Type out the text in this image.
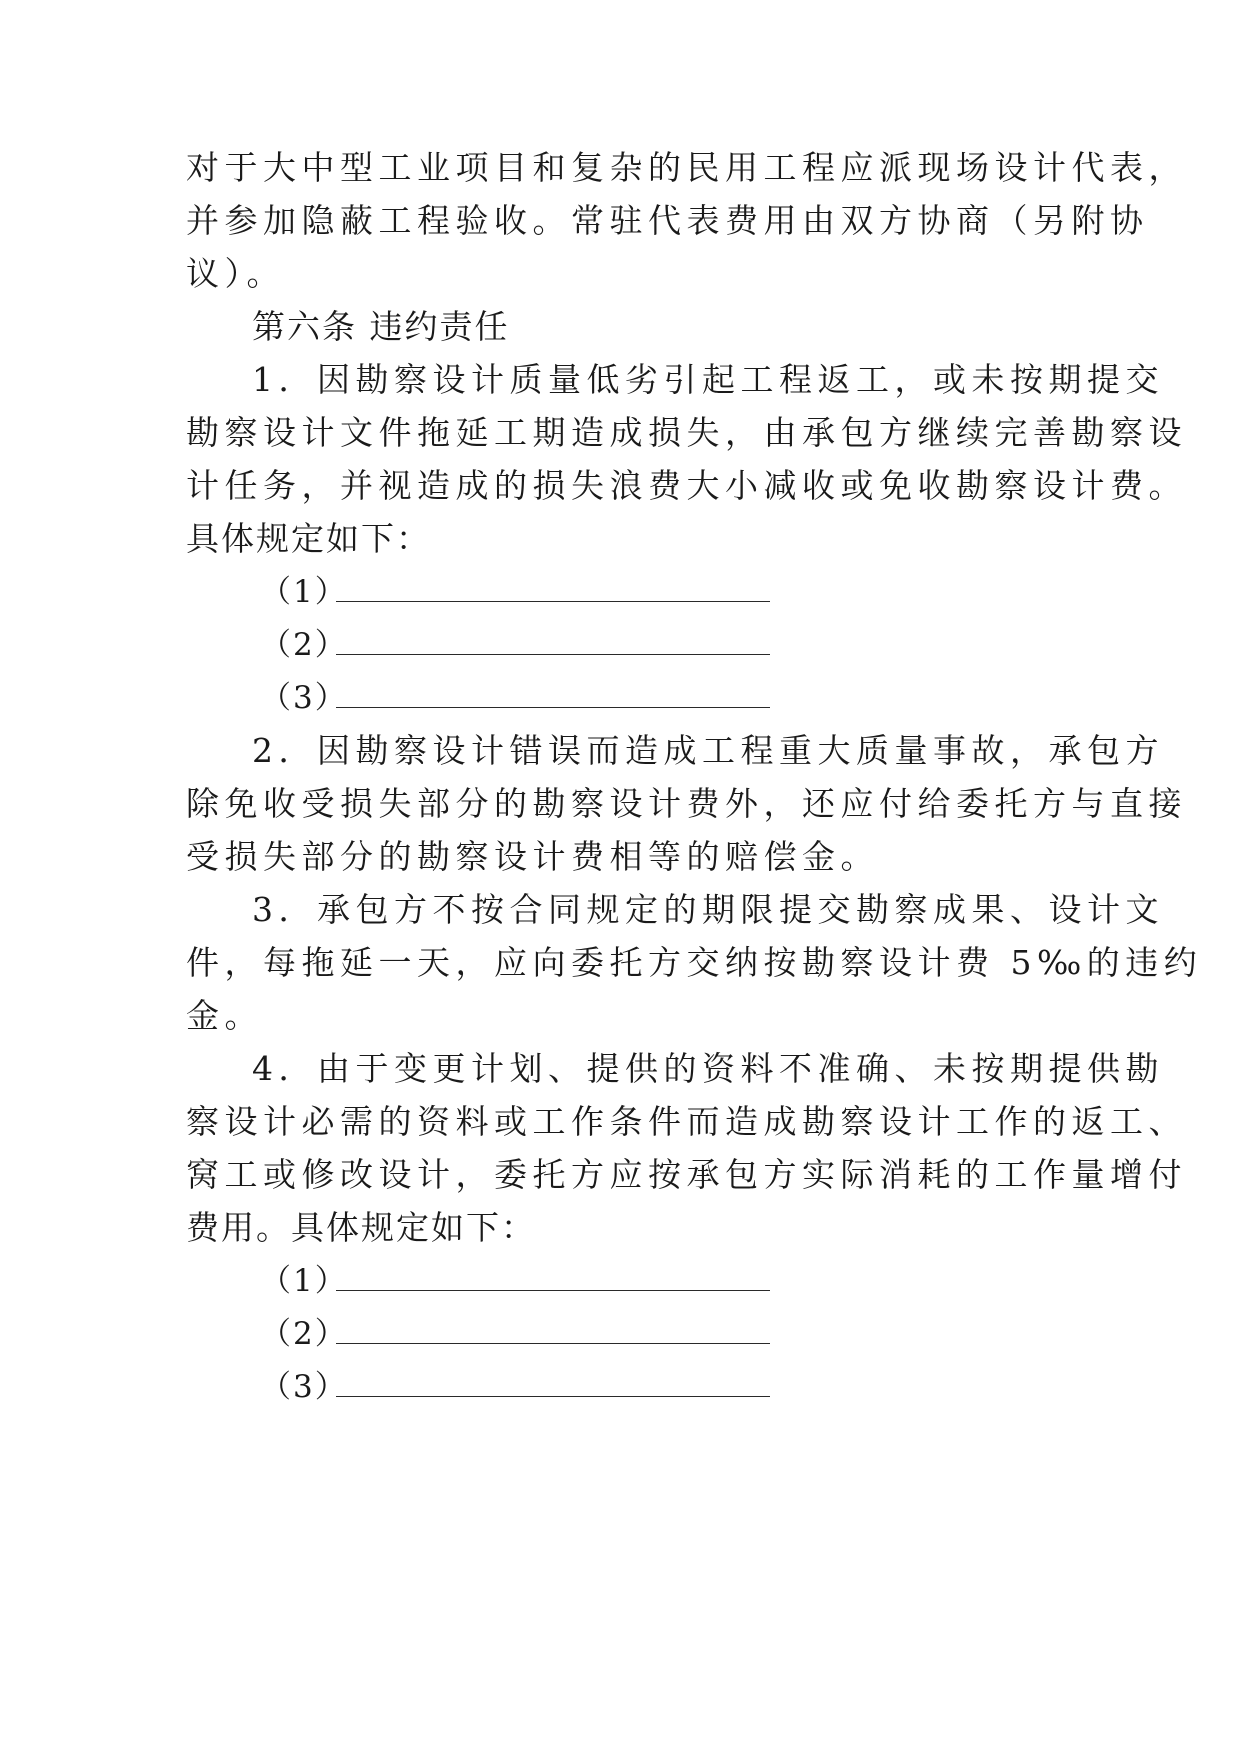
对于大中型工业项目和复杂的民用工程应派现场设计代表，
并参加隐蔽工程验收。常驻代表费用由双方协商（另附协
议）。
第六条 违约责任
1．因勘察设计质量低劣引起工程返工，或未按期提交
勘察设计文件拖延工期造成损失，由承包方继续完善勘察设
计任务，并视造成的损失浪费大小减收或免收勘察设计费。
具体规定如下：
（1）
（2）
（3）
2．因勘察设计错误而造成工程重大质量事故，承包方
除免收受损失部分的勘察设计费外，还应付给委托方与直接
受损失部分的勘察设计费相等的赔偿金。
3．承包方不按合同规定的期限提交勘察成果、设计文
件，每拖延一天，应向委托方交纳按勘察设计费 5‰的违约
金。
4．由于变更计划、提供的资料不准确、未按期提供勘
察设计必需的资料或工作条件而造成勘察设计工作的返工、
窝工或修改设计，委托方应按承包方实际消耗的工作量增付
费用。具体规定如下：
（1）
（2）
（3）
